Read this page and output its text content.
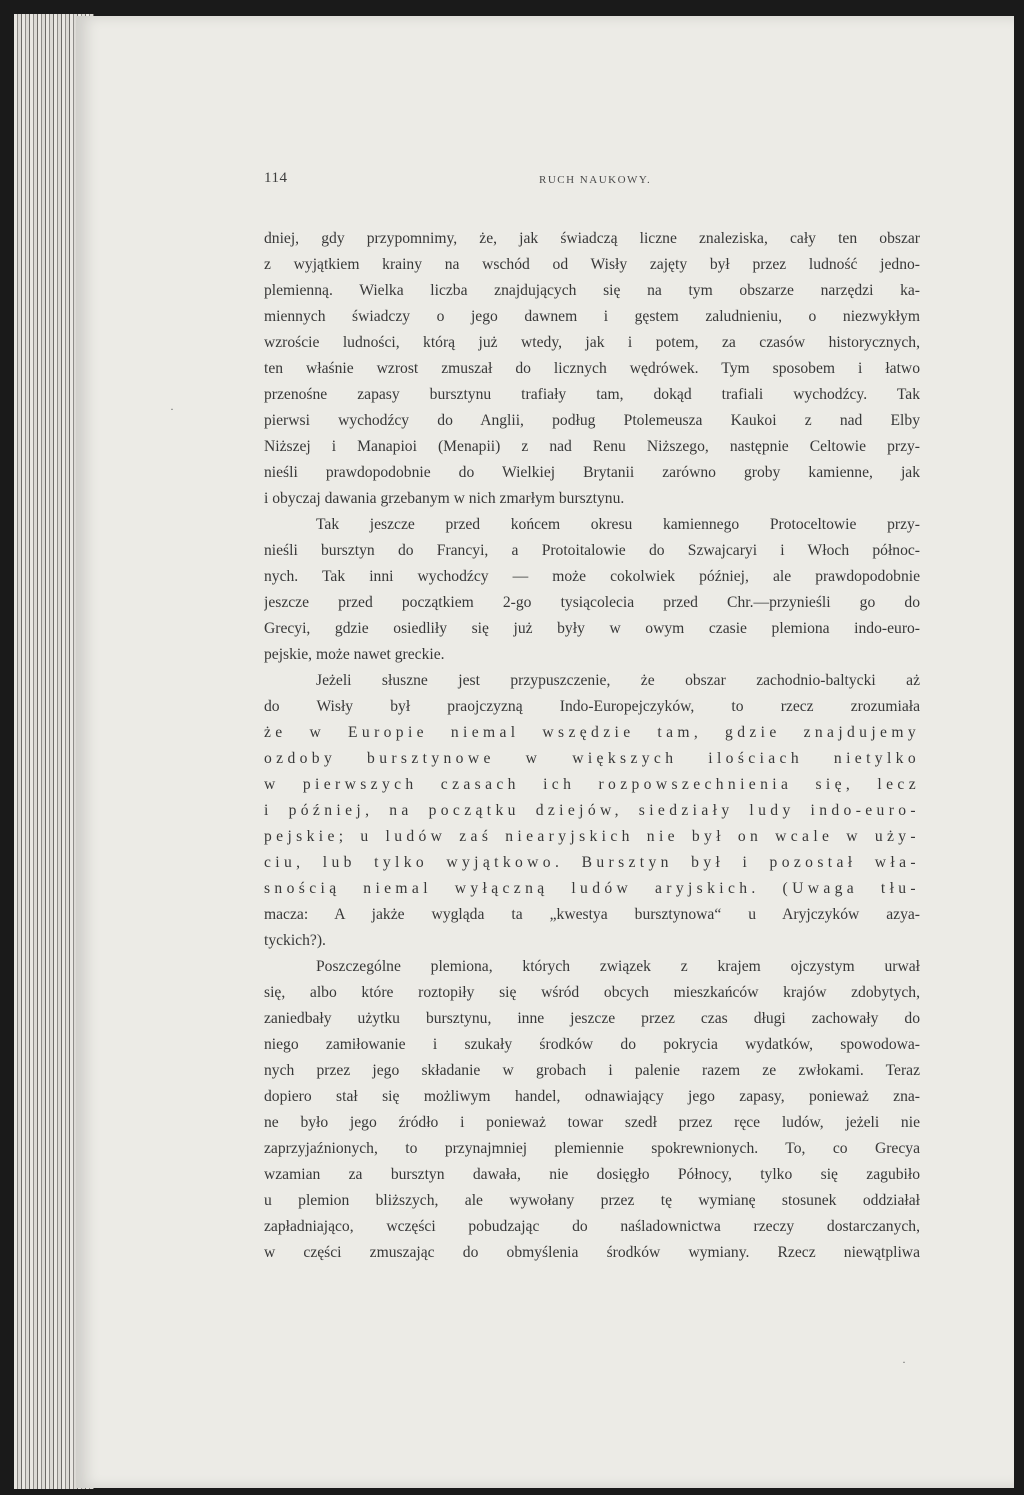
114	RUCH NAUKOWY.
dniej, gdy przypomnimy, że, jak świadczą liczne znaleziska, cały ten obszar
z wyjątkiem krainy na wschód od Wisły zajęty był przez ludność jedno-
plemienną. Wielka liczba znajdujących się na tym obszarze narzędzi ka-
miennych świadczy o jego dawnem i gęstem zaludnieniu, o niezwykłym
wzroście ludności, którą już wtedy, jak i potem, za czasów historycznych,
ten właśnie wzrost zmuszał do licznych wędrówek. Tym sposobem i łatwo
przenośne zapasy bursztynu trafiały tam, dokąd trafiali wychodźcy. Tak
pierwsi wychodźcy do Anglii, podług Ptolemeusza Kaukoi z nad Elby
Niższej i Manapioi (Menapii) z nad Renu Niższego, następnie Celtowie przy-
nieśli prawdopodobnie do Wielkiej Brytanii zarówno groby kamienne, jak
i obyczaj dawania grzebanym w nich zmarłym bursztynu.
Tak jeszcze przed końcem okresu kamiennego Protoceltowie przy-
nieśli bursztyn do Francyi, a Protoitalowie do Szwajcaryi i Włoch północ-
nych. Tak inni wychodźcy — może cokolwiek później, ale prawdopodobnie
jeszcze przed początkiem 2-go tysiącolecia przed Chr.—przynieśli go do
Grecyi, gdzie osiedliły się już były w owym czasie plemiona indo-euro-
pejskie, może nawet greckie.
Jeżeli słuszne jest przypuszczenie, że obszar zachodnio-baltycki aż
do Wisły był praojczyzną Indo-Europejczyków, to rzecz zrozumiała
że w Europie niemal wszędzie tam, gdzie znajdujemy
ozdoby bursztynowe w większych ilościach nietylko
w pierwszych czasach ich rozpowszechnienia się, lecz
i później, na początku dziejów, siedziały ludy indo-euro-
pejskie; u ludów zaś niearyjskich nie był on wcale w uży-
ciu, lub tylko wyjątkowo. Bursztyn był i pozostał wła-
snością niemal wyłączną ludów aryjskich. (Uwaga tłu-
macza: A jakże wygląda ta „kwestya bursztynowa“ u Aryjczyków azya-
tyckich?).
Poszczególne plemiona, których związek z krajem ojczystym urwał
się, albo które roztopiły się wśród obcych mieszkańców krajów zdobytych,
zaniedbały użytku bursztynu, inne jeszcze przez czas długi zachowały do
niego zamiłowanie i szukały środków do pokrycia wydatków, spowodowa-
nych przez jego składanie w grobach i palenie razem ze zwłokami. Teraz
dopiero stał się możliwym handel, odnawiający jego zapasy, ponieważ zna-
ne było jego źródło i ponieważ towar szedł przez ręce ludów, jeżeli nie
zaprzyjaźnionych, to przynajmniej plemiennie spokrewnionych. To, co Grecya
wzamian za bursztyn dawała, nie dosięgło Północy, tylko się zagubiło
u plemion bliższych, ale wywołany przez tę wymianę stosunek oddziałał
zapładniająco, wczęści pobudzając do naśladownictwa rzeczy dostarczanych,
w części zmuszając do obmyślenia środków wymiany. Rzecz niewątpliwa
·
·
